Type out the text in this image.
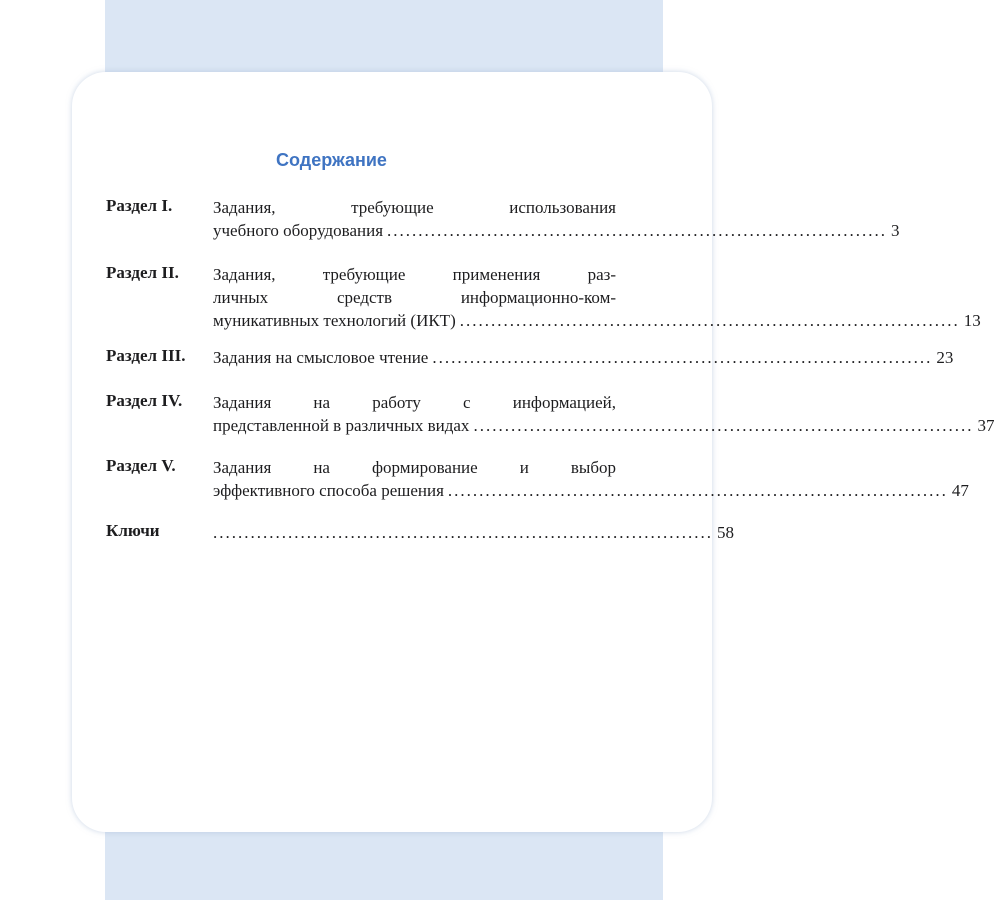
Содержание
Раздел I. Задания,	требующие	использования
учебного оборудования ................................................................................ 3
Раздел II. Задания,	требующие	применения	раз-
личных	средств	информационно-ком-
муникативных технологий (ИКТ) ................................................................................ 13
Раздел III. Задания на смысловое чтение ................................................................................ 23
Раздел IV. Задания на работу с информацией,
представленной в различных видах ................................................................................ 37
Раздел V. Задания на формирование и выбор
эффективного способа решения ................................................................................ 47
Ключи	................................................................................ 58
